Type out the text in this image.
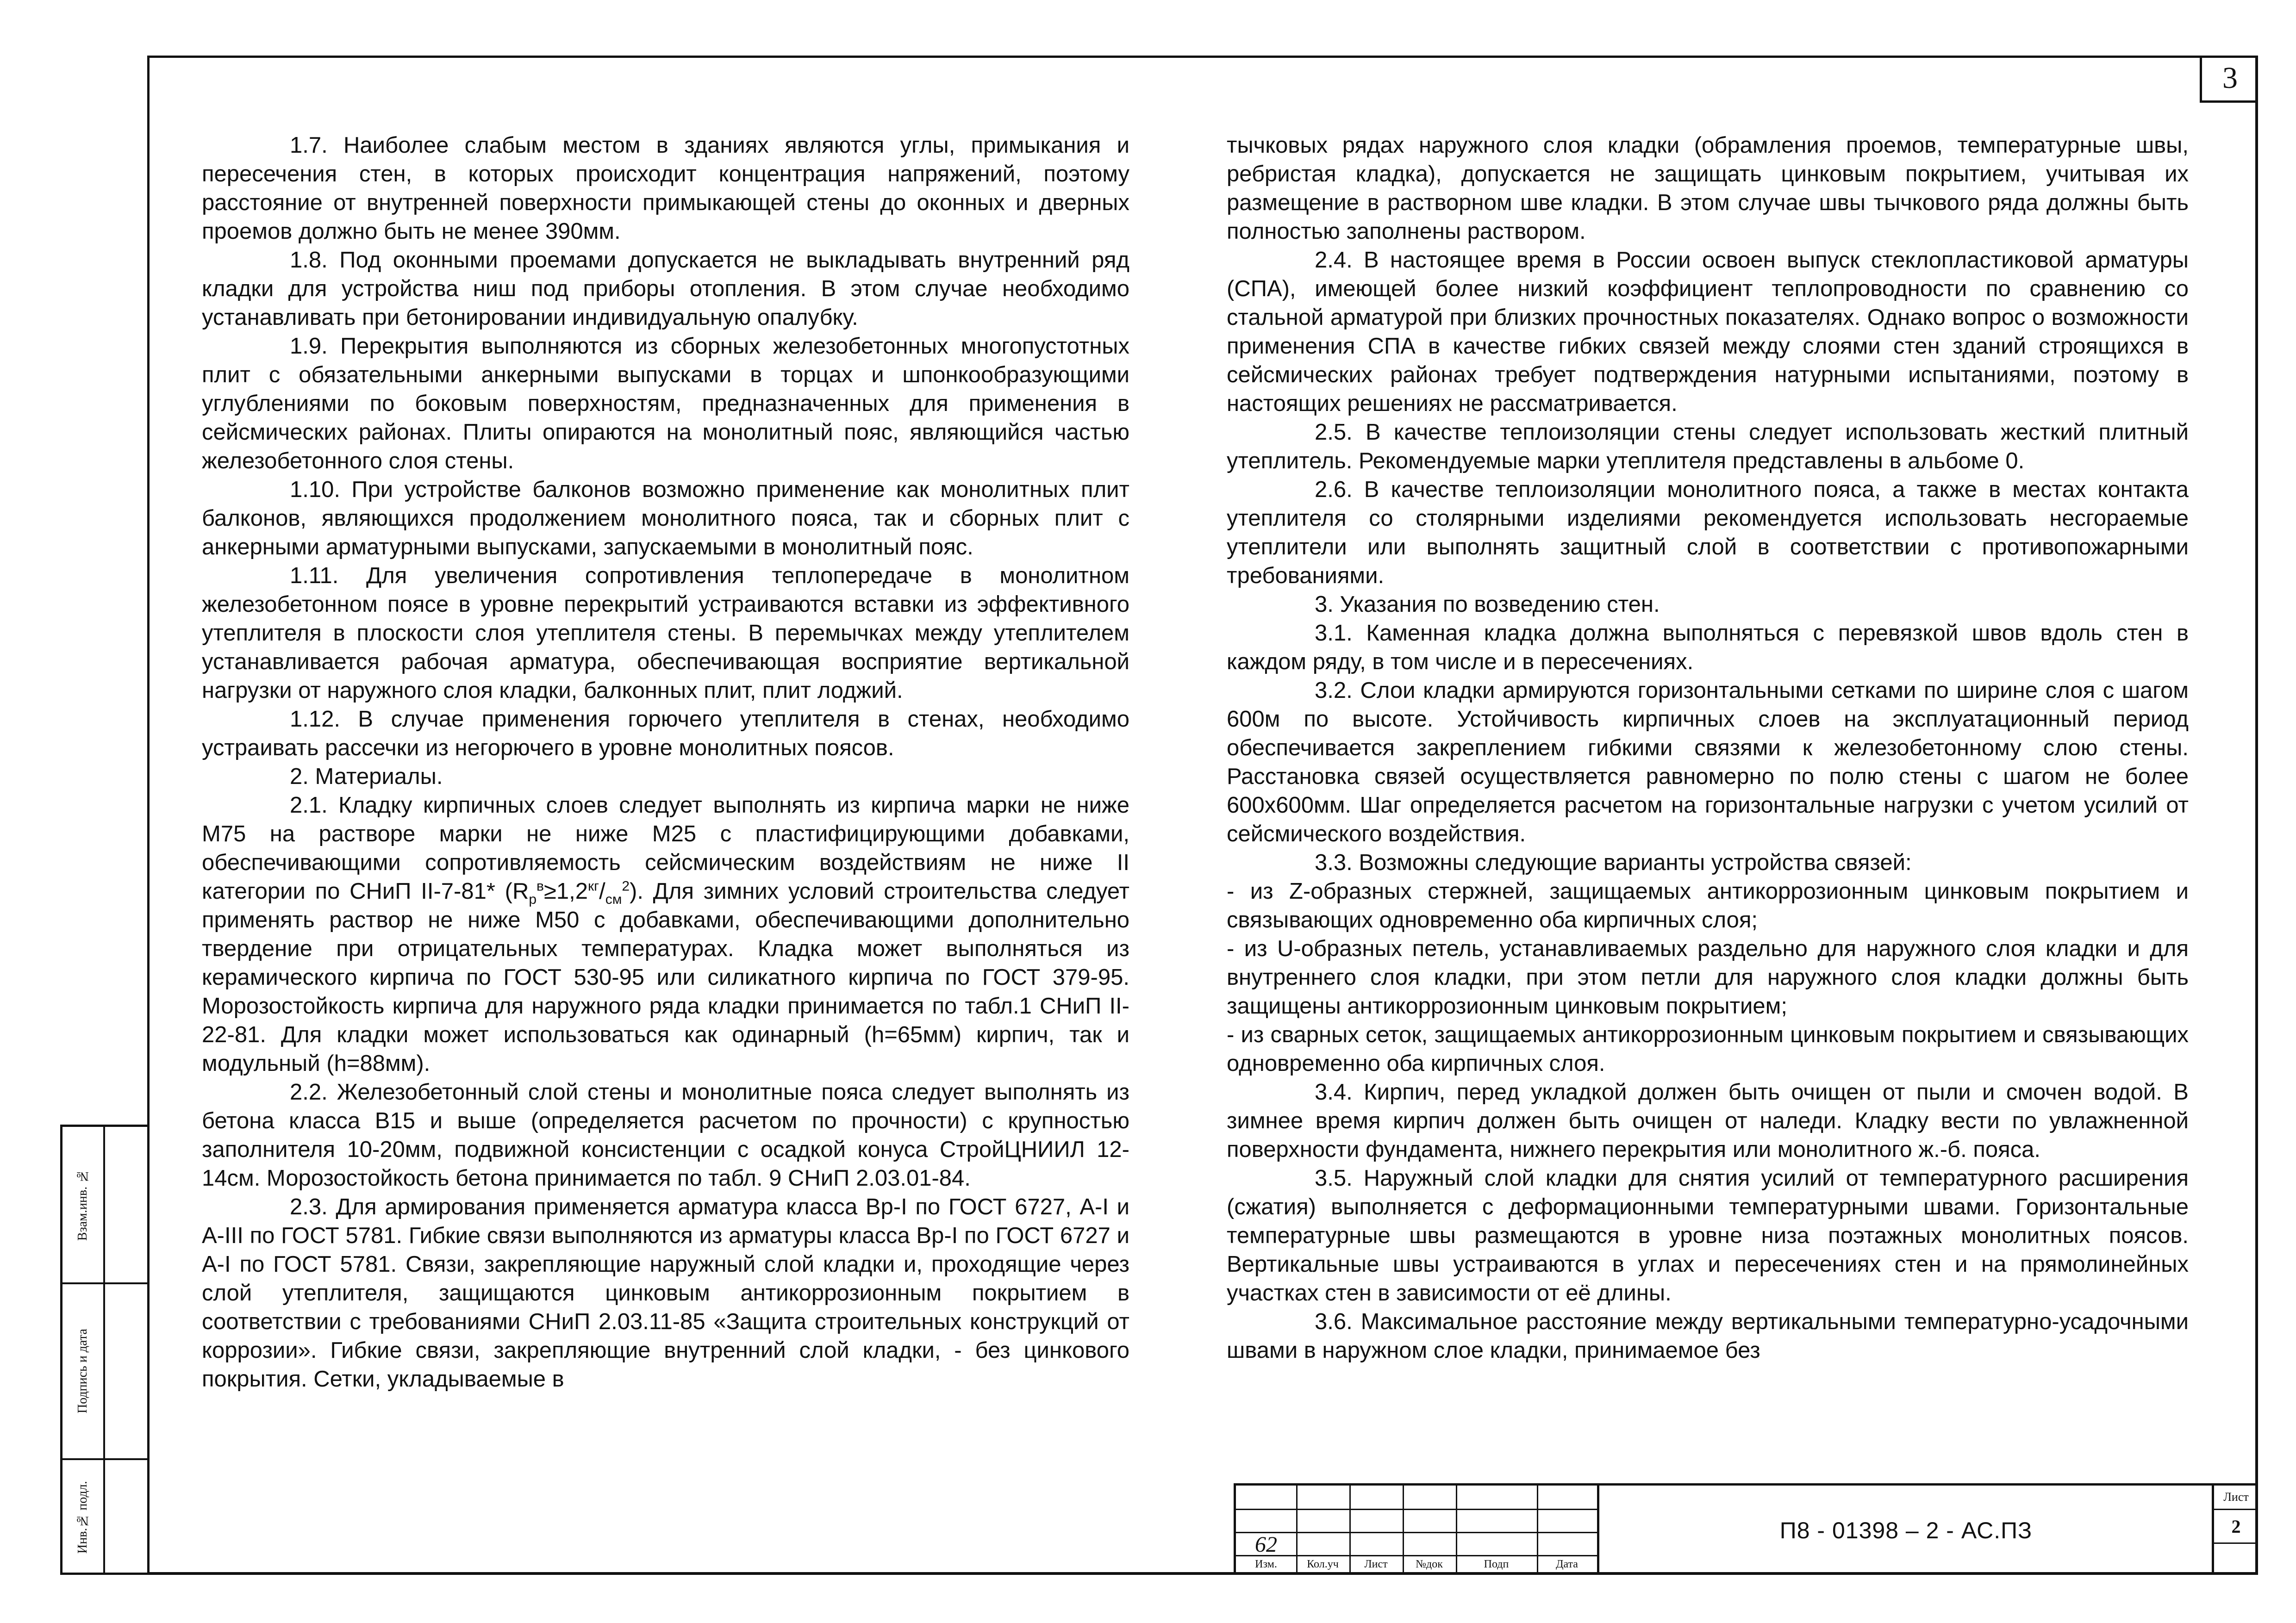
3

1.7. Наиболее слабым местом в зданиях являются углы, примыкания и пересечения стен, в которых происходит концентрация напряжений, поэтому расстояние от внутренней поверхности примыкающей стены до оконных и дверных проемов должно быть не менее 390мм.

1.8. Под оконными проемами допускается не выкладывать внутренний ряд кладки для устройства ниш под приборы отопления. В этом случае необходимо устанавливать при бетонировании индивидуальную опалубку.

1.9. Перекрытия выполняются из сборных железобетонных многопустотных плит с обязательными анкерными выпусками в торцах и шпонкообразующими углублениями по боковым поверхностям, предназначенных для применения в сейсмических районах. Плиты опираются на монолитный пояс, являющийся частью железобетонного слоя стены.

1.10. При устройстве балконов возможно применение как монолитных плит балконов, являющихся продолжением монолитного пояса, так и сборных плит с анкерными арматурными выпусками, запускаемыми в монолитный пояс.

1.11. Для увеличения сопротивления теплопередаче в монолитном железобетонном поясе в уровне перекрытий устраиваются вставки из эффективного утеплителя в плоскости слоя утеплителя стены. В перемычках между утеплителем устанавливается рабочая арматура, обеспечивающая восприятие вертикальной нагрузки от наружного слоя кладки, балконных плит, плит лоджий.

1.12. В случае применения горючего утеплителя в стенах, необходимо устраивать рассечки из негорючего в уровне монолитных поясов.

2. Материалы.

2.1. Кладку кирпичных слоев следует выполнять из кирпича марки не ниже М75 на растворе марки не ниже М25 с пластифицирующими добавками, обеспечивающими сопротивляемость сейсмическим воздействиям не ниже II категории по СНиП II-7-81* $(R_р^в\ge 1,2^{кг}/_{см}^2)$. Для зимних условий строительства следует применять раствор не ниже М50 с добавками, обеспечивающими дополнительно твердение при отрицательных температурах. Кладка может выполняться из керамического кирпича по ГОСТ 530-95 или силикатного кирпича по ГОСТ 379-95. Морозостойкость кирпича для наружного ряда кладки принимается по табл.1 СНиП II-22-81. Для кладки может использоваться как одинарный (h=65мм) кирпич, так и модульный (h=88мм).

2.2. Железобетонный слой стены и монолитные пояса следует выполнять из бетона класса В15 и выше (определяется расчетом по прочности) с крупностью заполнителя 10-20мм, подвижной консистенции с осадкой конуса СтройЦНИИЛ 12-14см. Морозостойкость бетона принимается по табл. 9 СНиП 2.03.01-84.

2.3. Для армирования применяется арматура класса Вр-I по ГОСТ 6727, А-I и А-III по ГОСТ 5781. Гибкие связи выполняются из арматуры класса Вр-I по ГОСТ 6727 и А-I по ГОСТ 5781. Связи, закрепляющие наружный слой кладки и, проходящие через слой утеплителя, защищаются цинковым антикоррозионным покрытием в соответствии с требованиями СНиП 2.03.11-85 «Защита строительных конструкций от коррозии». Гибкие связи, закрепляющие внутренний слой кладки, - без цинкового покрытия. Сетки, укладываемые в

тычковых рядах наружного слоя кладки (обрамления проемов, температурные швы, ребристая кладка), допускается не защищать цинковым покрытием, учитывая их размещение в растворном шве кладки. В этом случае швы тычкового ряда должны быть полностью заполнены раствором.

2.4. В настоящее время в России освоен выпуск стеклопластиковой арматуры (СПА), имеющей более низкий коэффициент теплопроводности по сравнению со стальной арматурой при близких прочностных показателях. Однако вопрос о возможности применения СПА в качестве гибких связей между слоями стен зданий строящихся в сейсмических районах требует подтверждения натурными испытаниями, поэтому в настоящих решениях не рассматривается.

2.5. В качестве теплоизоляции стены следует использовать жесткий плитный утеплитель. Рекомендуемые марки утеплителя представлены в альбоме 0.

2.6. В качестве теплоизоляции монолитного пояса, а также в местах контакта утеплителя со столярными изделиями рекомендуется использовать несгораемые утеплители или выполнять защитный слой в соответствии с противопожарными требованиями.

3. Указания по возведению стен.

3.1. Каменная кладка должна выполняться с перевязкой швов вдоль стен в каждом ряду, в том числе и в пересечениях.

3.2. Слои кладки армируются горизонтальными сетками по ширине слоя с шагом 600м по высоте. Устойчивость кирпичных слоев на эксплуатационный период обеспечивается закреплением гибкими связями к железобетонному слою стены. Расстановка связей осуществляется равномерно по полю стены с шагом не более 600х600мм. Шаг определяется расчетом на горизонтальные нагрузки с учетом усилий от сейсмического воздействия.

3.3. Возможны следующие варианты устройства связей:

- из Z-образных стержней, защищаемых антикоррозионным цинковым покрытием и связывающих одновременно оба кирпичных слоя;

- из U-образных петель, устанавливаемых раздельно для наружного слоя кладки и для внутреннего слоя кладки, при этом петли для наружного слоя кладки должны быть защищены антикоррозионным цинковым покрытием;

- из сварных сеток, защищаемых антикоррозионным цинковым покрытием и связывающих одновременно оба кирпичных слоя.

3.4. Кирпич, перед укладкой должен быть очищен от пыли и смочен водой. В зимнее время кирпич должен быть очищен от наледи. Кладку вести по увлажненной поверхности фундамента, нижнего перекрытия или монолитного ж.-б. пояса.

3.5. Наружный слой кладки для снятия усилий от температурного расширения (сжатия) выполняется с деформационными температурными швами. Горизонтальные температурные швы размещаются в уровне низа поэтажных монолитных поясов. Вертикальные швы устраиваются в углах и пересечениях стен и на прямолинейных участках стен в зависимости от её длины.

3.6. Максимальное расстояние между вертикальными температурно-усадочными швами в наружном слое кладки, принимаемое без

Взам.инв. №
Подпись и дата
Инв.№ подл.	62
Изм.	Кол.уч	Лист	№док	Подп	Дата
П8 - 01398 – 2 - АС.ПЗ
Лист
2
